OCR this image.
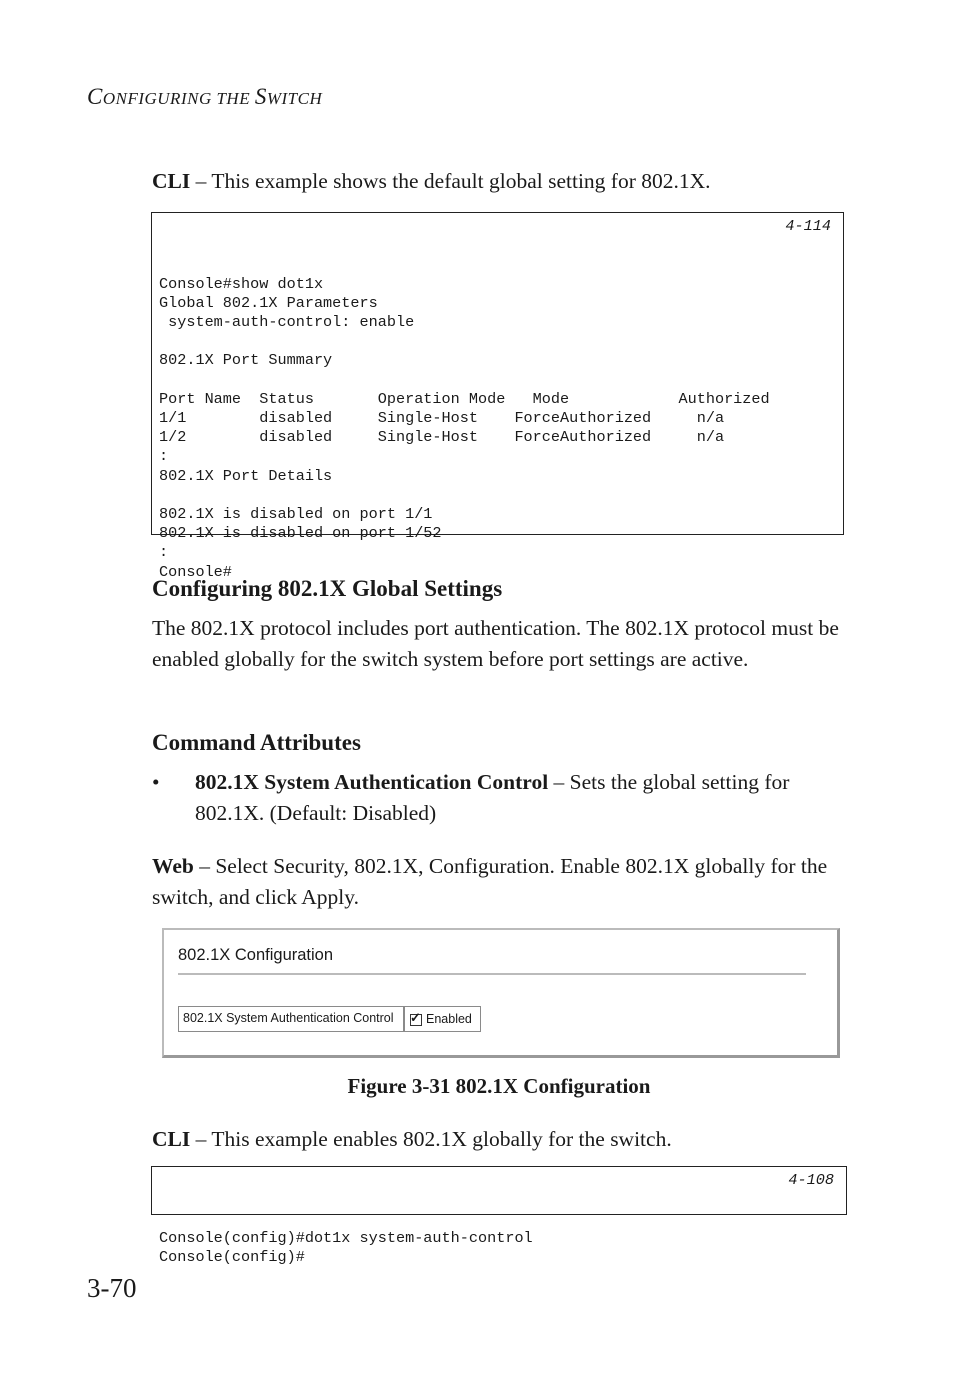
CONFIGURING THE SWITCH
CLI – This example shows the default global setting for 802.1X.

4-114

Console#show dot1x
Global 802.1X Parameters
system-auth-control: enable

802.1X Port Summary

Port Name  Status       Operation Mode   Mode            Authorized
1/1        disabled     Single-Host    ForceAuthorized     n/a
1/2        disabled     Single-Host    ForceAuthorized     n/a
:
802.1X Port Details

802.1X is disabled on port 1/1
802.1X is disabled on port 1/52
:
Console#

Configuring 802.1X Global Settings
The 802.1X protocol includes port authentication. The 802.1X protocol must be enabled globally for the switch system before port settings are active.
Command Attributes
• 802.1X System Authentication Control – Sets the global setting for 802.1X. (Default: Disabled)
Web – Select Security, 802.1X, Configuration. Enable 802.1X globally for the switch, and click Apply.
802.1X Configuration
802.1X System Authentication Control
✓	Enabled
Figure 3-31 802.1X Configuration
CLI – This example enables 802.1X globally for the switch.

4-108

Console(config)#dot1x system-auth-control
Console(config)#

3-70
